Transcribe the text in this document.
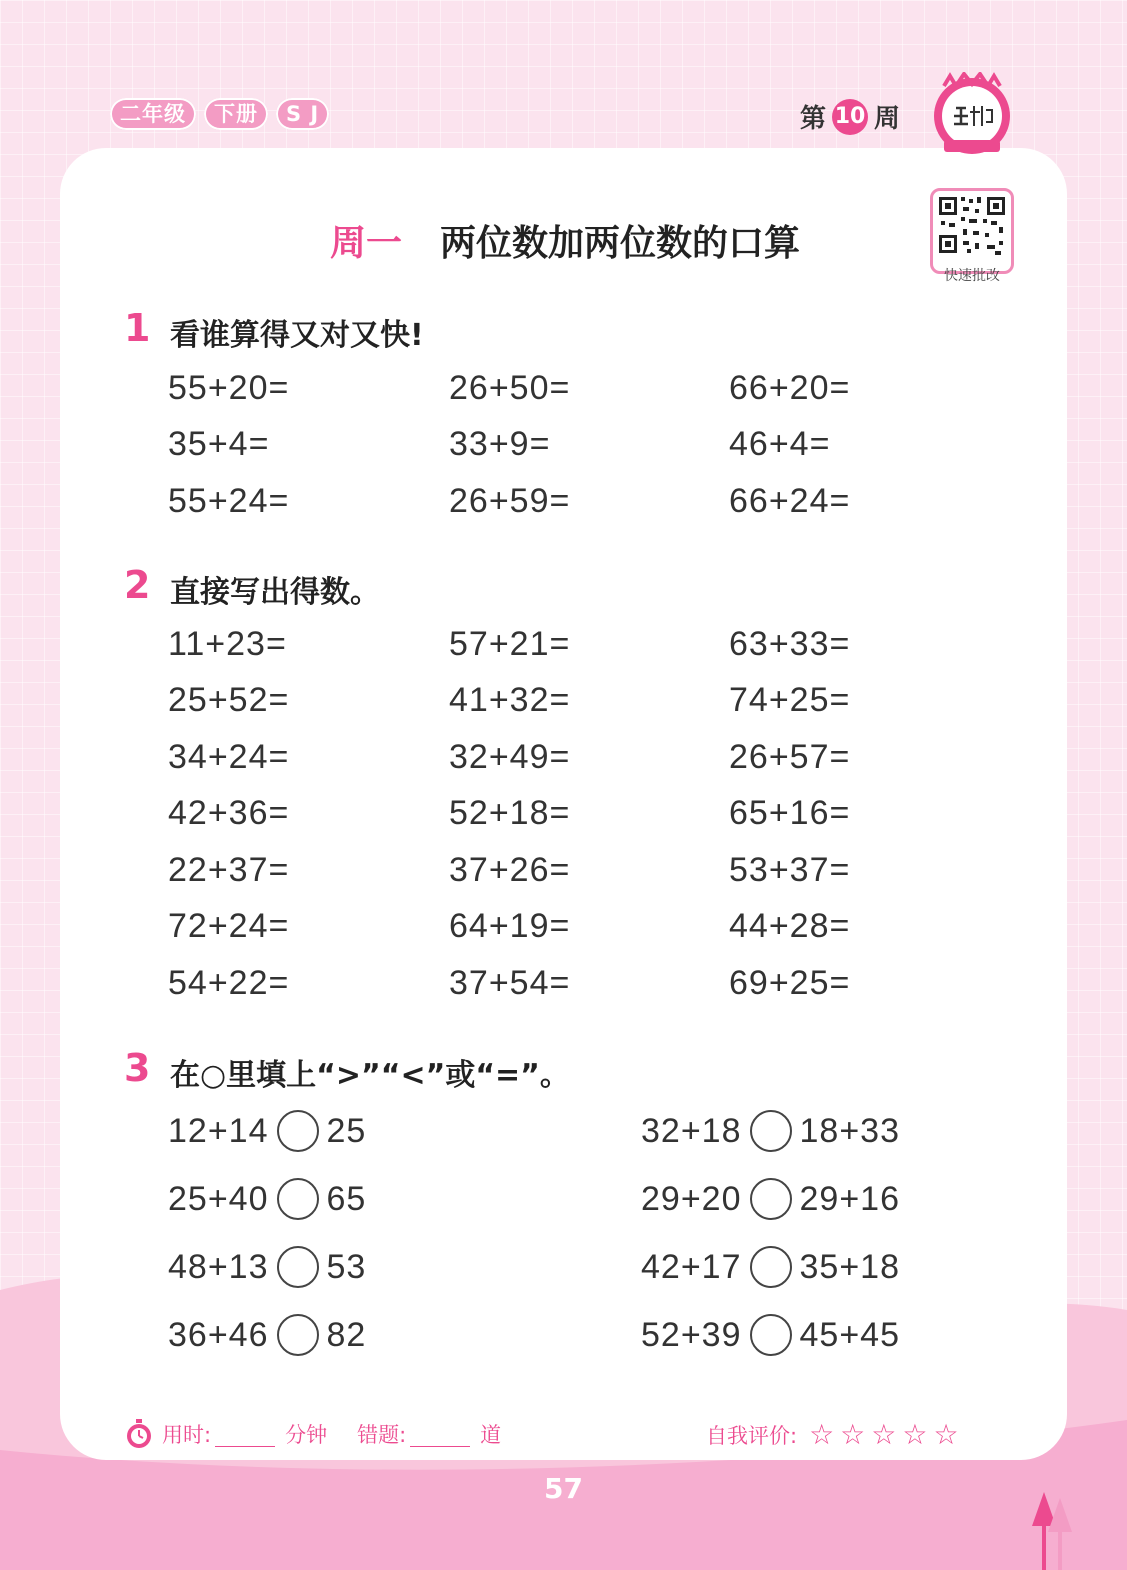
二年级	下册	S J	第 10 周
周一 两位数加两位数的口算
快速批改
1 看谁算得又对又快!
55+20=	26+50=	66+20=
35+4=	33+9=	46+4=
55+24=	26+59=	66+24=
2 直接写出得数。
11+23=	57+21=	63+33=
25+52=	41+32=	74+25=
34+24=	32+49=	26+57=
42+36=	52+18=	65+16=
22+37=	37+26=	53+37=
72+24=	64+19=	44+28=
54+22=	37+54=	69+25=
3 在○里填上“>”“<”或“=”。
12+14 25	32+18 18+33
25+40 65	29+20 29+16
48+13 53	42+17 35+18
36+46 82	52+39 45+45
用时:	分钟 错题:	道	自我评价: ☆☆☆☆☆
57
